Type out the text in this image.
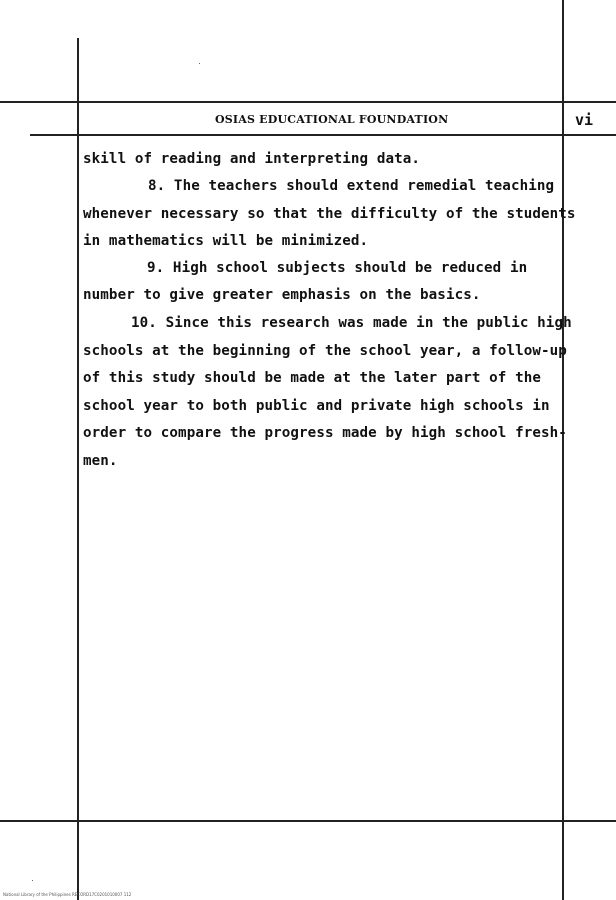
OSIAS EDUCATIONAL FOUNDATION	vi
skill of reading and interpreting data.
8. The teachers should extend remedial teaching
whenever necessary so that the difficulty of the students
in mathematics will be minimized.
9. High school subjects should be reduced in
number to give greater emphasis on the basics.
10. Since this research was made in the public high
schools at the beginning of the school year, a follow-up
of this study should be made at the later part of the
school year to both public and private high schools in
order to compare the progress made by high school fresh-
men.
National Library of the Philippines RECORD17C0201010007 112
